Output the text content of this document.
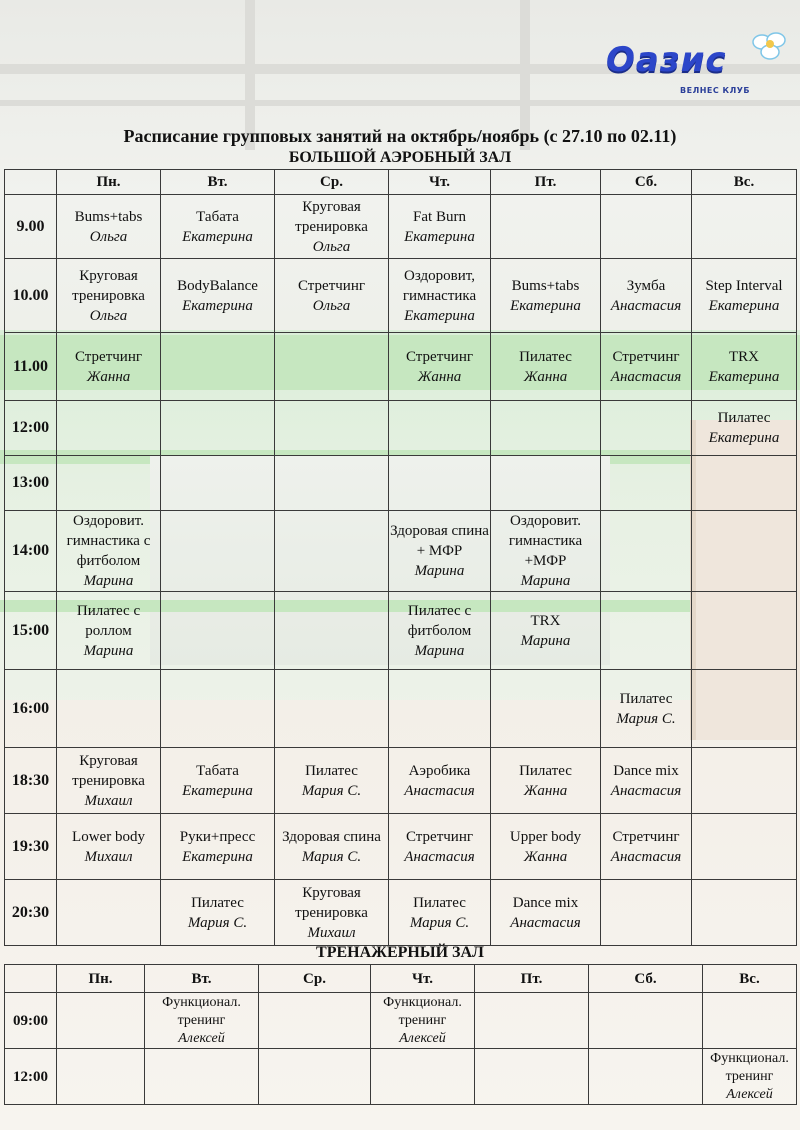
Оазис
ВЕЛНЕС КЛУБ
Расписание групповых занятий на октябрь/ноябрь (с 27.10 по 02.11)
БОЛЬШОЙ АЭРОБНЫЙ ЗАЛ
	Пн.	Вт.	Ср.	Чт.	Пт.	Сб.	Вс.
9.00	Bums+tabs
Ольга	Табата
Екатерина	Круговая тренировка
Ольга	Fat Burn
Екатерина			

10.00	Круговая тренировка
Ольга	BodyBalance
Екатерина	Стретчинг
Ольга	Оздоровит, гимнастика
Екатерина	Bums+tabs
Екатерина	Зумба
Анастасия	Step Interval
Екатерина

11.00	Стретчинг
Жанна			Стретчинг
Жанна	Пилатес
Жанна	Стретчинг
Анастасия	TRX
Екатерина

12:00							Пилатес
Екатерина

13:00	

14:00	Оздоровит. гимнастика с фитболом
Марина			Здоровая спина + МФР
Марина	Оздоровит. гимнастика +МФР
Марина		

15:00	Пилатес с роллом
Марина			Пилатес с фитболом
Марина	TRX
Марина		

16:00						Пилатес
Мария С.	

18:30	Круговая тренировка
Михаил	Табата
Екатерина	Пилатес
Мария С.	Аэробика
Анастасия	Пилатес
Жанна	Dance mix
Анастасия	

19:30	Lower body
Михаил	Руки+пресс
Екатерина	Здоровая спина
Мария С.	Стретчинг
Анастасия	Upper body
Жанна	Стретчинг
Анастасия	

20:30		Пилатес
Мария С.	Круговая тренировка
Михаил	Пилатес
Мария С.	Dance mix
Анастасия		

ТРЕНАЖЕРНЫЙ ЗАЛ
	Пн.	Вт.	Ср.	Чт.	Пт.	Сб.	Вс.
09:00		Функционал. тренинг
Алексей		Функционал. тренинг
Алексей			

12:00							Функционал. тренинг
Алексей
